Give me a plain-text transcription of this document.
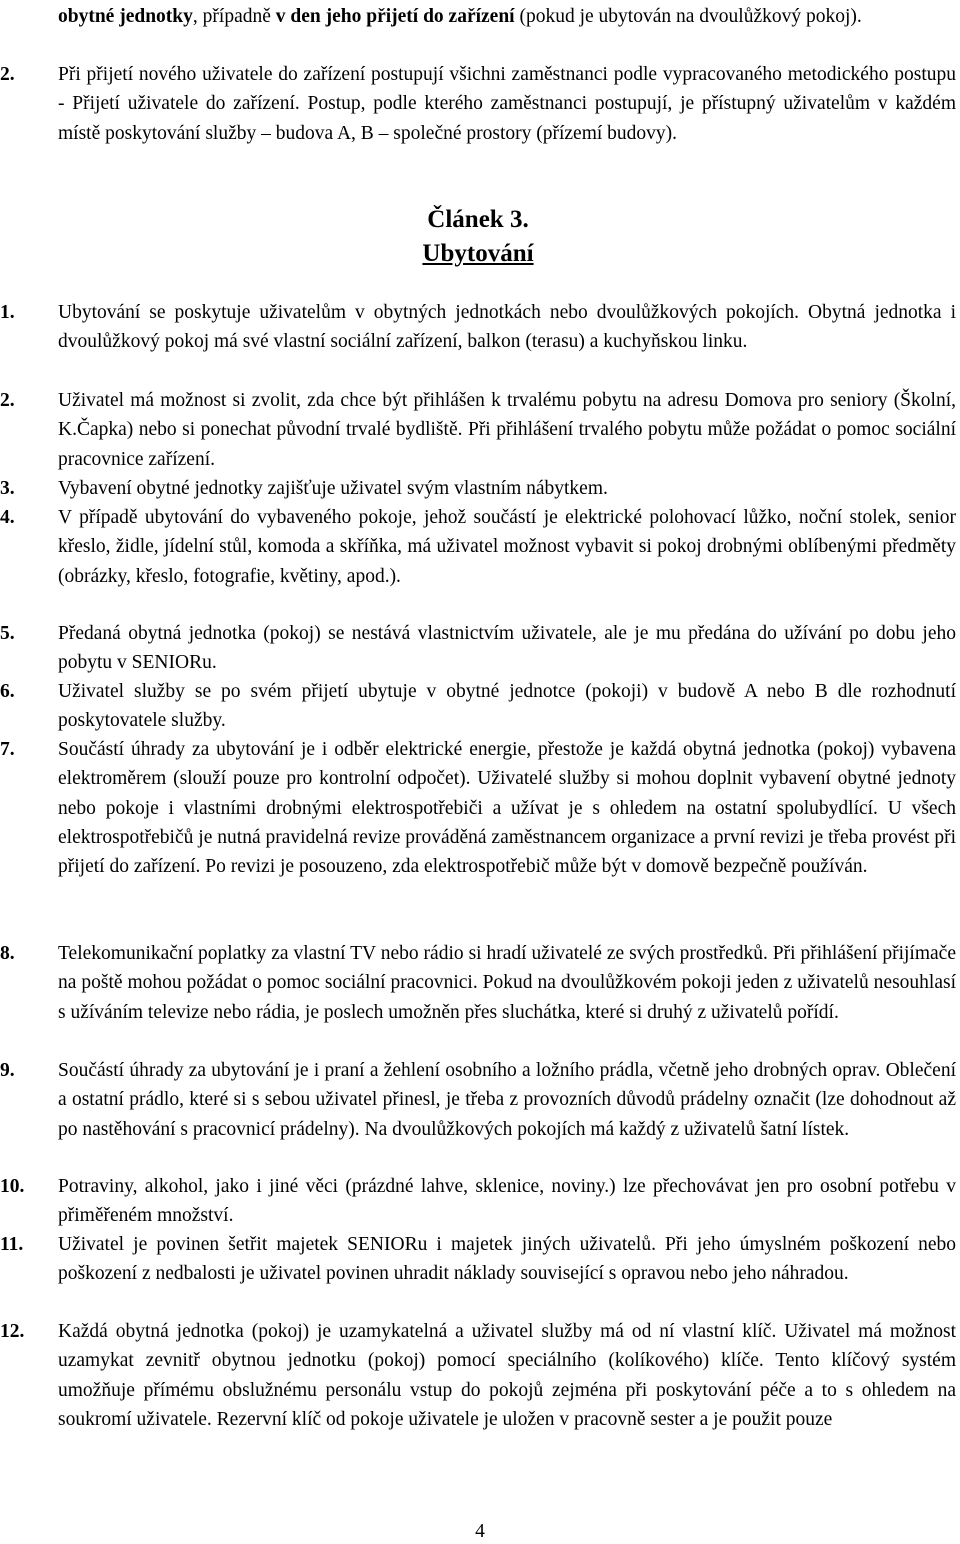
obytné jednotky, případně v den jeho přijetí do zařízení (pokud je ubytován na dvoulůžkový pokoj).

2.	Při přijetí nového uživatele do zařízení postupují všichni zaměstnanci podle vypracovaného metodického postupu - Přijetí uživatele do zařízení. Postup, podle kterého zaměstnanci postupují, je přístupný uživatelům v každém místě poskytování služby – budova A, B – společné prostory (přízemí budovy).

Článek 3.

Ubytování

1.	Ubytování se poskytuje uživatelům v obytných jednotkách nebo dvoulůžkových pokojích. Obytná jednotka i dvoulůžkový pokoj má své vlastní sociální zařízení, balkon (terasu) a kuchyňskou linku.
2.	Uživatel má možnost si zvolit, zda chce být přihlášen k trvalému pobytu na adresu Domova pro seniory (Školní, K.Čapka) nebo si ponechat původní trvalé bydliště. Při přihlášení trvalého pobytu může požádat o pomoc sociální pracovnice zařízení.
3.	Vybavení obytné jednotky zajišťuje uživatel svým vlastním nábytkem.
4.	V případě ubytování do vybaveného pokoje, jehož součástí je elektrické polohovací lůžko, noční stolek, senior křeslo, židle, jídelní stůl, komoda a skříňka, má uživatel možnost vybavit si pokoj drobnými oblíbenými předměty (obrázky, křeslo, fotografie, květiny, apod.).
5.	Předaná obytná jednotka (pokoj) se nestává vlastnictvím uživatele, ale je mu předána do užívání po dobu jeho pobytu v SENIORu.
6.	Uživatel služby se po svém přijetí ubytuje v obytné jednotce (pokoji) v budově A nebo B dle rozhodnutí poskytovatele služby.
7.	Součástí úhrady za ubytování je i odběr elektrické energie, přestože je každá obytná jednotka (pokoj) vybavena elektroměrem (slouží pouze pro kontrolní odpočet). Uživatelé služby si mohou doplnit vybavení obytné jednoty nebo pokoje i vlastními drobnými elektrospotřebiči a užívat je s ohledem na ostatní spolubydlící. U všech elektrospotřebičů je nutná pravidelná revize prováděná zaměstnancem organizace a první revizi je třeba provést při přijetí do zařízení. Po revizi je posouzeno, zda elektrospotřebič může být v domově bezpečně používán.
8.	Telekomunikační poplatky za vlastní TV nebo rádio si hradí uživatelé ze svých prostředků. Při přihlášení přijímače na poště mohou požádat o pomoc sociální pracovnici. Pokud na dvoulůžkovém pokoji jeden z uživatelů nesouhlasí s užíváním televize nebo rádia, je poslech umožněn přes sluchátka, které si druhý z uživatelů pořídí.
9.	Součástí úhrady za ubytování je i praní a žehlení osobního a ložního prádla, včetně jeho drobných oprav. Oblečení a ostatní prádlo, které si s sebou uživatel přinesl, je třeba z provozních důvodů prádelny označit (lze dohodnout až po nastěhování s pracovnicí prádelny). Na dvoulůžkových pokojích má každý z uživatelů šatní lístek.
10.	Potraviny, alkohol, jako i jiné věci (prázdné lahve, sklenice, noviny.) lze přechovávat jen pro osobní potřebu v přiměřeném množství.
11.	Uživatel je povinen šetřit majetek SENIORu i majetek jiných uživatelů. Při jeho úmyslném poškození nebo poškození z nedbalosti je uživatel povinen uhradit náklady související s opravou nebo jeho náhradou.
12.	Každá obytná jednotka (pokoj) je uzamykatelná a uživatel služby má od ní vlastní klíč. Uživatel má možnost uzamykat zevnitř obytnou jednotku (pokoj) pomocí speciálního (kolíkového) klíče. Tento klíčový systém umožňuje přímému obslužnému personálu vstup do pokojů zejména při poskytování péče a to s ohledem na soukromí uživatele. Rezervní klíč od pokoje uživatele je uložen v pracovně sester a je použit pouze
4
